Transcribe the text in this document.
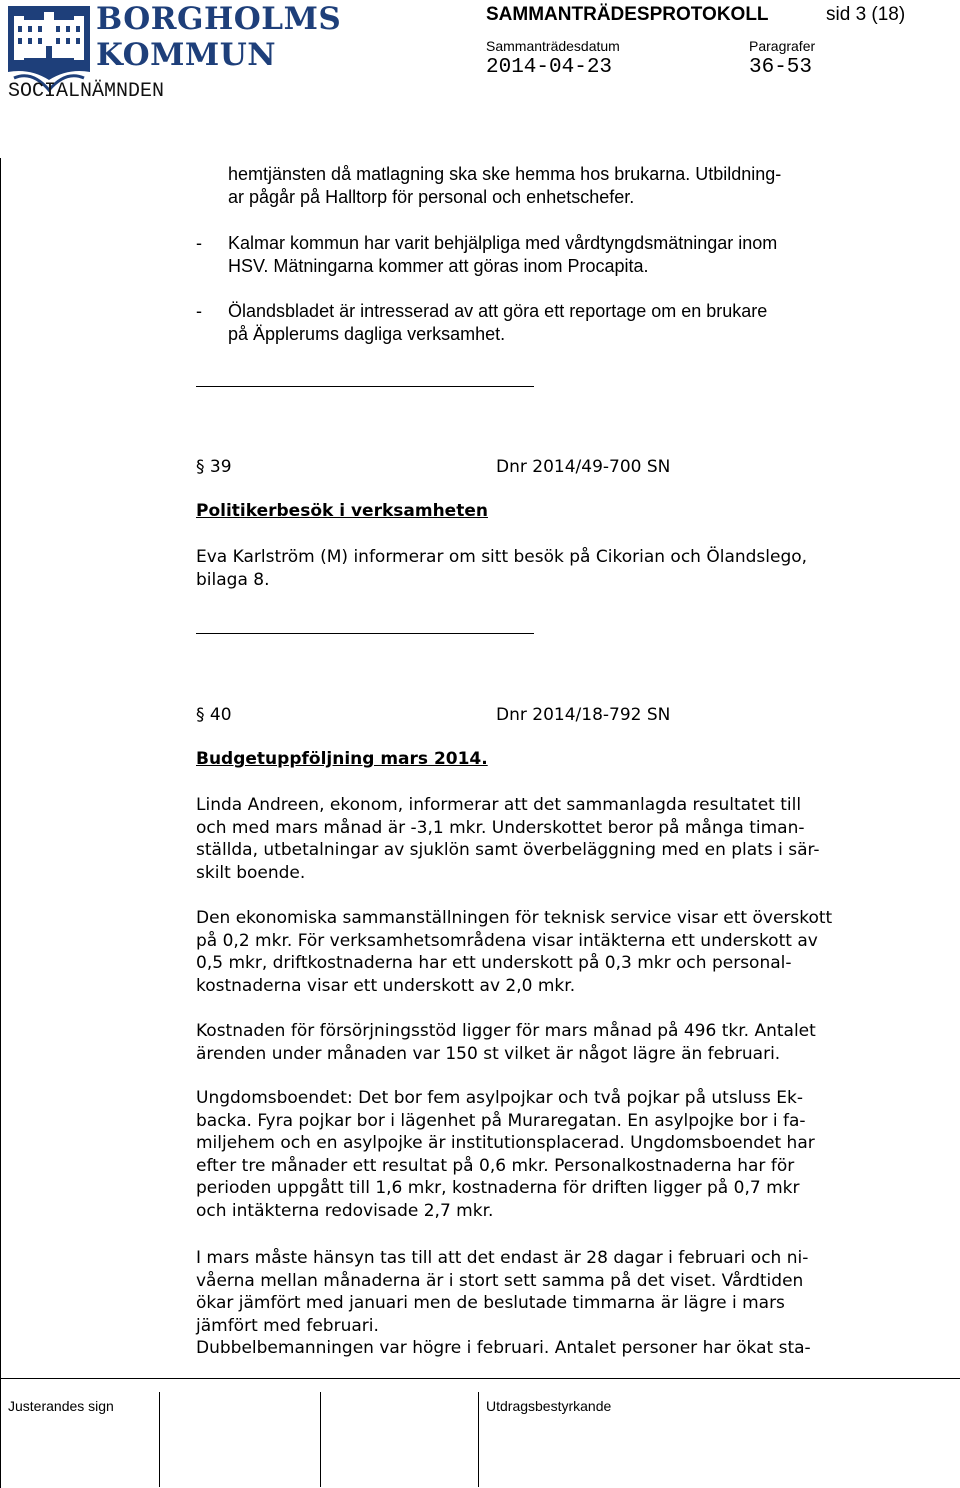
BORGHOLMS
KOMMUN
SOCIALNÄMNDEN
SAMMANTRÄDESPROTOKOLL	sid 3 (18)
Sammanträdesdatum	Paragrafer
2014-04-23	36-53
hemtjänsten då matlagning ska ske hemma hos brukarna. Utbildning-
ar pågår på Halltorp för personal och enhetschefer.
- Kalmar kommun har varit behjälpliga med vårdtyngdsmätningar inom
HSV. Mätningarna kommer att göras inom Procapita.
- Ölandsbladet är intresserad av att göra ett reportage om en brukare
på Äpplerums dagliga verksamhet.
§ 39	Dnr 2014/49-700 SN
Politikerbesök i verksamheten
Eva Karlström (M) informerar om sitt besök på Cikorian och Ölandslego,
bilaga 8.
§ 40	Dnr 2014/18-792 SN
Budgetuppföljning mars 2014.
Linda Andreen, ekonom, informerar att det sammanlagda resultatet till
och med mars månad är -3,1 mkr. Underskottet beror på många timan-
ställda, utbetalningar av sjuklön samt överbeläggning med en plats i sär-
skilt boende.
Den ekonomiska sammanställningen för teknisk service visar ett överskott
på 0,2 mkr. För verksamhetsområdena visar intäkterna ett underskott av
0,5 mkr, driftkostnaderna har ett underskott på 0,3 mkr och personal-
kostnaderna visar ett underskott av 2,0 mkr.
Kostnaden för försörjningsstöd ligger för mars månad på 496 tkr. Antalet
ärenden under månaden var 150 st vilket är något lägre än februari.
Ungdomsboendet: Det bor fem asylpojkar och två pojkar på utsluss Ek-
backa. Fyra pojkar bor i lägenhet på Muraregatan. En asylpojke bor i fa-
miljehem och en asylpojke är institutionsplacerad. Ungdomsboendet har
efter tre månader ett resultat på 0,6 mkr. Personalkostnaderna har för
perioden uppgått till 1,6 mkr, kostnaderna för driften ligger på 0,7 mkr
och intäkterna redovisade 2,7 mkr.
I mars måste hänsyn tas till att det endast är 28 dagar i februari och ni-
våerna mellan månaderna är i stort sett samma på det viset. Vårdtiden
ökar jämfört med januari men de beslutade timmarna är lägre i mars
jämfört med februari.
Dubbelbemanningen var högre i februari. Antalet personer har ökat sta-
Justerandes sign	Utdragsbestyrkande
